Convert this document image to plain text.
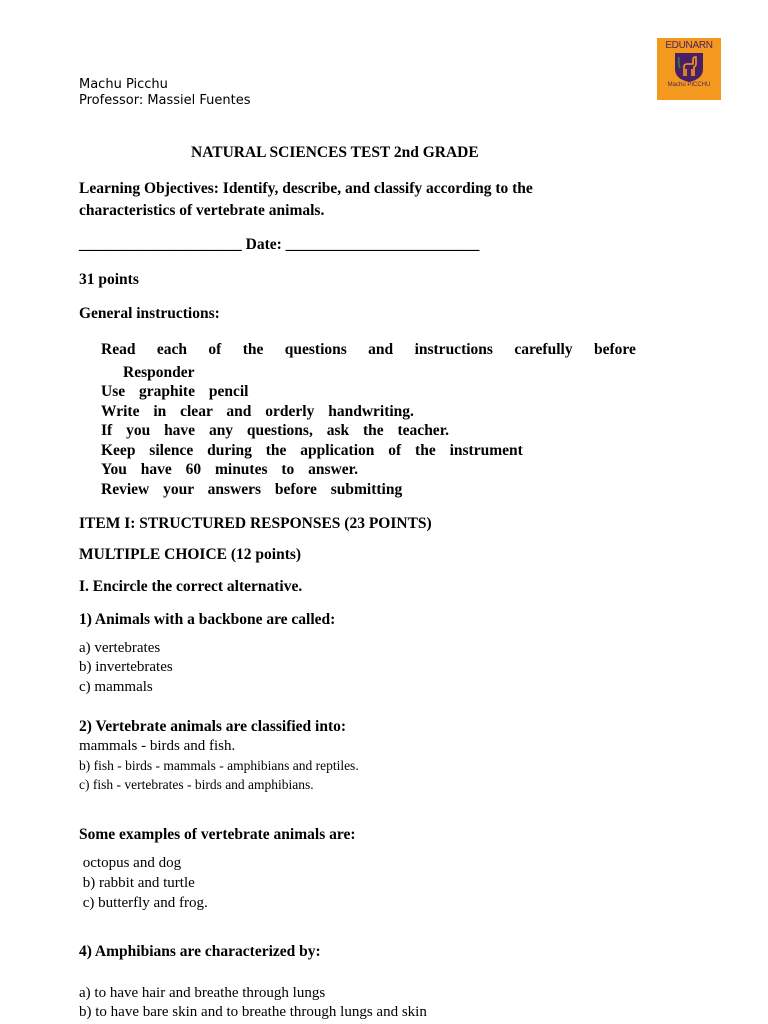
Machu Picchu
Professor: Massiel Fuentes
EDUNARN
Machu PICCHU
NATURAL SCIENCES TEST 2nd GRADE
Learning Objectives: Identify, describe, and classify according to the
characteristics of vertebrate animals.
_____________________ Date: _________________________
31 points
General instructions:
Read each of the questions and instructions carefully before
Responder
Use graphite pencil
Write in clear and orderly handwriting.
If you have any questions, ask the teacher.
Keep silence during the application of the instrument
You have 60 minutes to answer.
Review your answers before submitting
ITEM I: STRUCTURED RESPONSES (23 POINTS)
MULTIPLE CHOICE (12 points)
I. Encircle the correct alternative.
1) Animals with a backbone are called:
a) vertebrates
b) invertebrates
c) mammals
2) Vertebrate animals are classified into:
mammals - birds and fish.
b) fish - birds - mammals - amphibians and reptiles.
c) fish - vertebrates - birds and amphibians.
Some examples of vertebrate animals are:
octopus and dog
b) rabbit and turtle
c) butterfly and frog.
4) Amphibians are characterized by:
a) to have hair and breathe through lungs
b) to have bare skin and to breathe through lungs and skin
